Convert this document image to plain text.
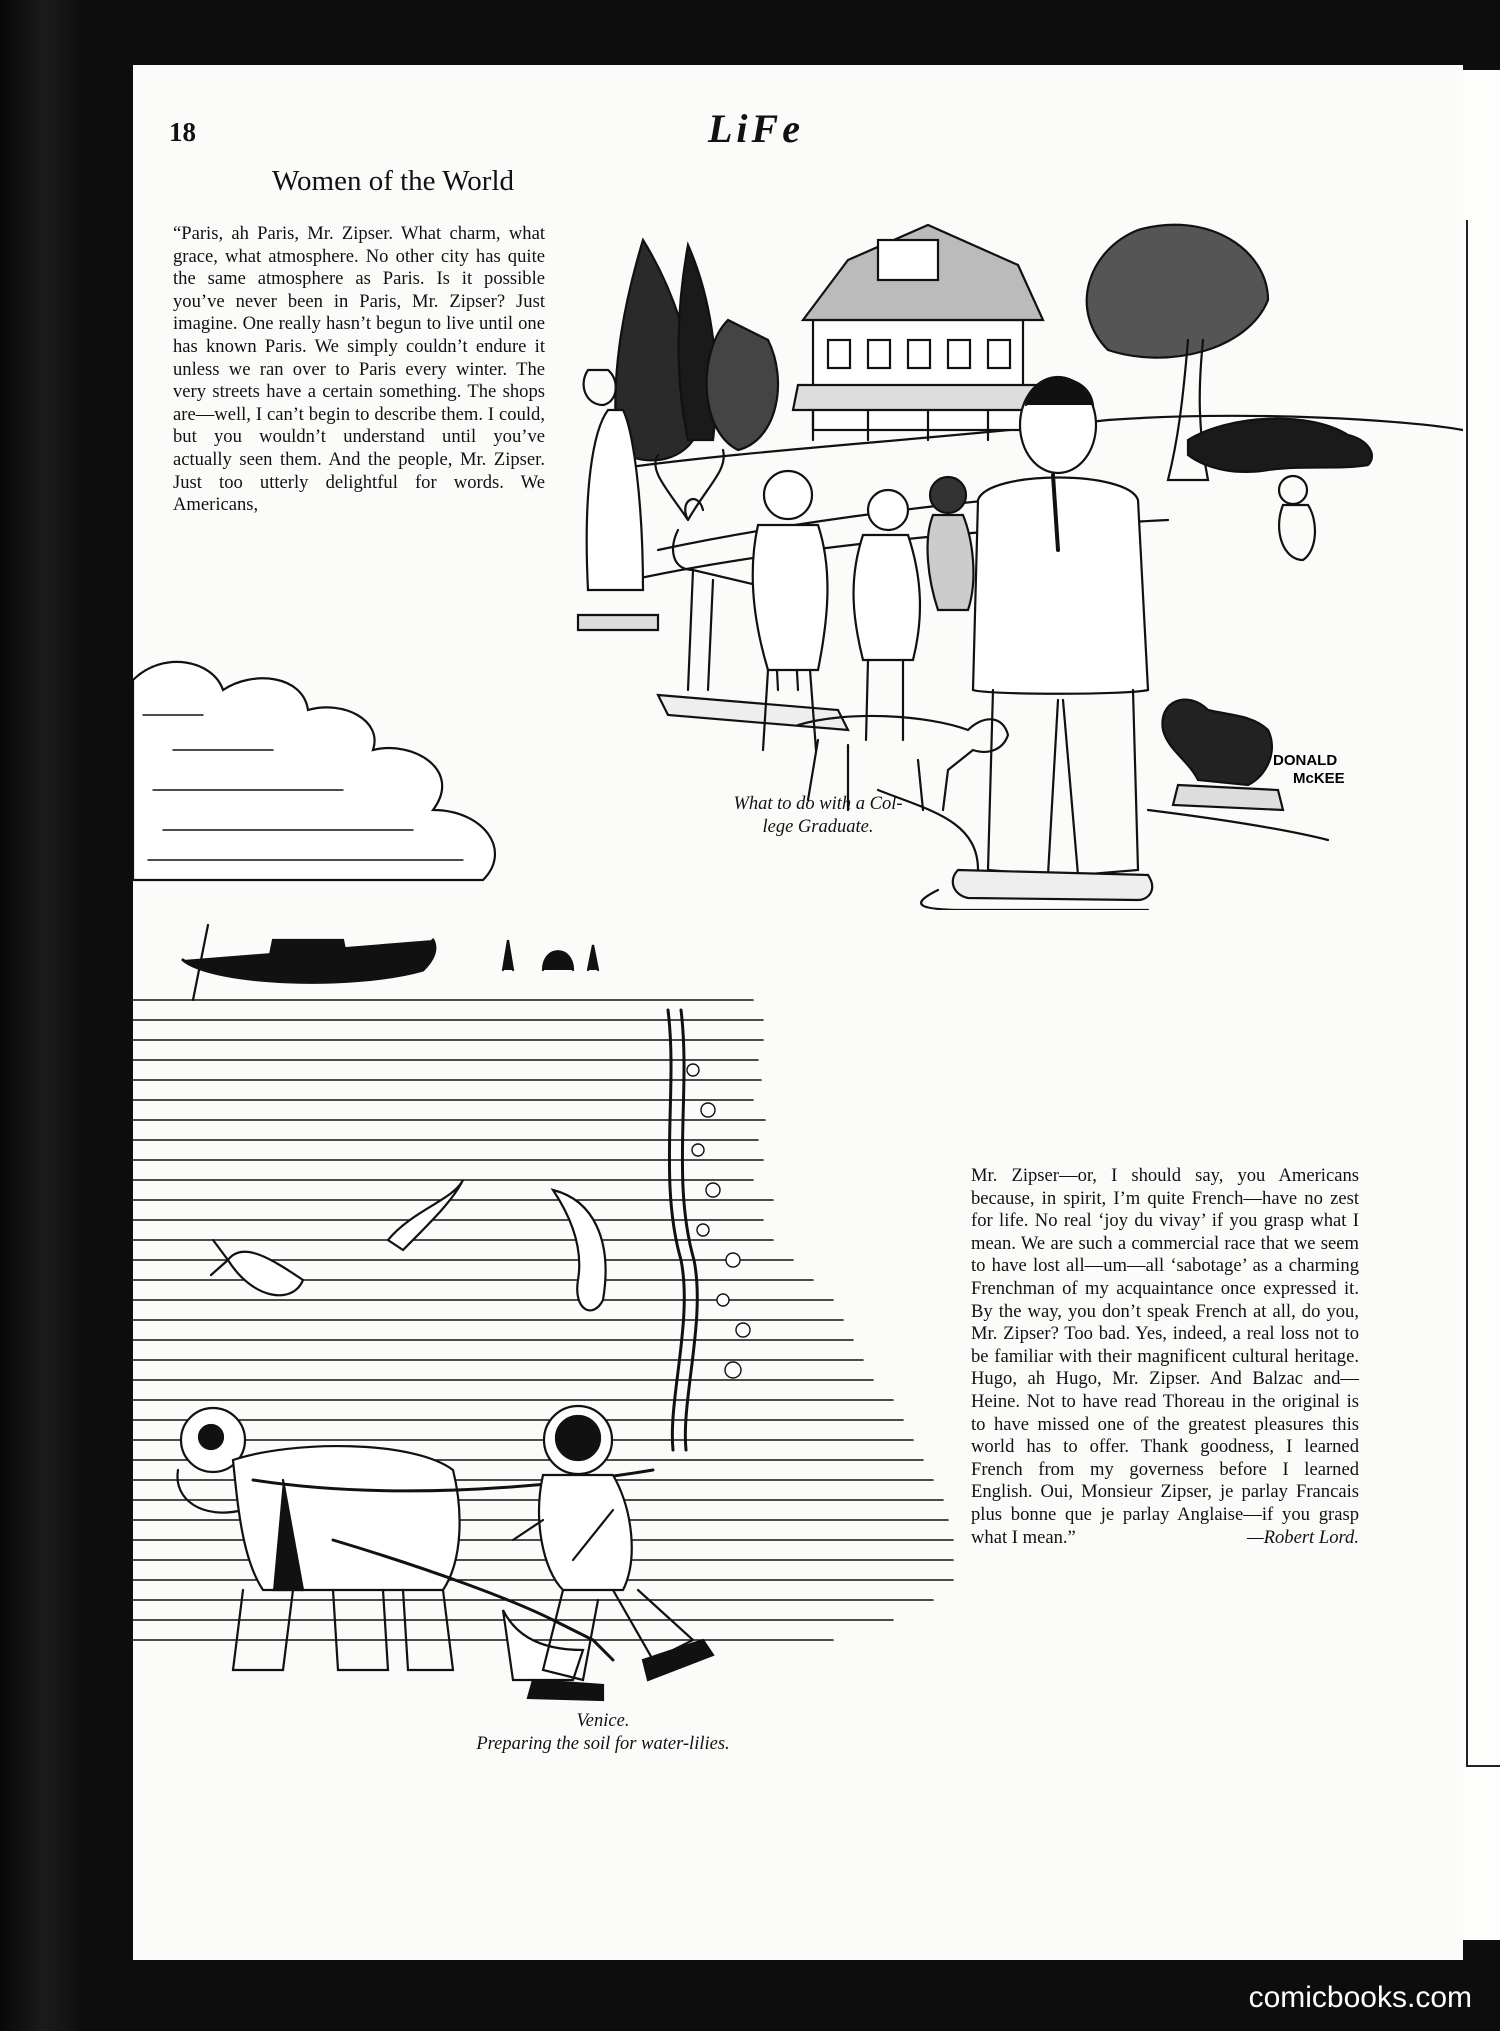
18	LiFe
Women of the World
“Paris, ah Paris, Mr. Zipser. What charm, what grace, what atmosphere. No other city has quite the same atmosphere as Paris. Is it possible you’ve never been in Paris, Mr. Zipser? Just imagine. One really hasn’t begun to live until one has known Paris. We simply couldn’t endure it unless we ran over to Paris every winter. The very streets have a certain something. The shops are—well, I can’t begin to describe them. I could, but you wouldn’t understand until you’ve actually seen them. And the people, Mr. Zipser. Just too utterly delightful for words. We Americans,
DONALD
McKEE
What to do with a Col-
lege Graduate.
Venice.
Preparing the soil for water-lilies.
Mr. Zipser—or, I should say, you Americans because, in spirit, I’m quite French—have no zest for life. No real ‘joy du vivay’ if you grasp what I mean. We are such a commercial race that we seem to have lost all—um—all ‘sabotage’ as a charming Frenchman of my acquaintance once expressed it. By the way, you don’t speak French at all, do you, Mr. Zipser? Too bad. Yes, indeed, a real loss not to be familiar with their magnificent cultural heritage. Hugo, ah Hugo, Mr. Zipser. And Balzac and—Heine. Not to have read Thoreau in the original is to have missed one of the greatest pleasures this world has to offer. Thank goodness, I learned French from my governess before I learned English. Oui, Monsieur Zipser, je parlay Francais plus bonne que je parlay Anglaise—if you grasp what I mean.”	—Robert Lord.
comicbooks.com
